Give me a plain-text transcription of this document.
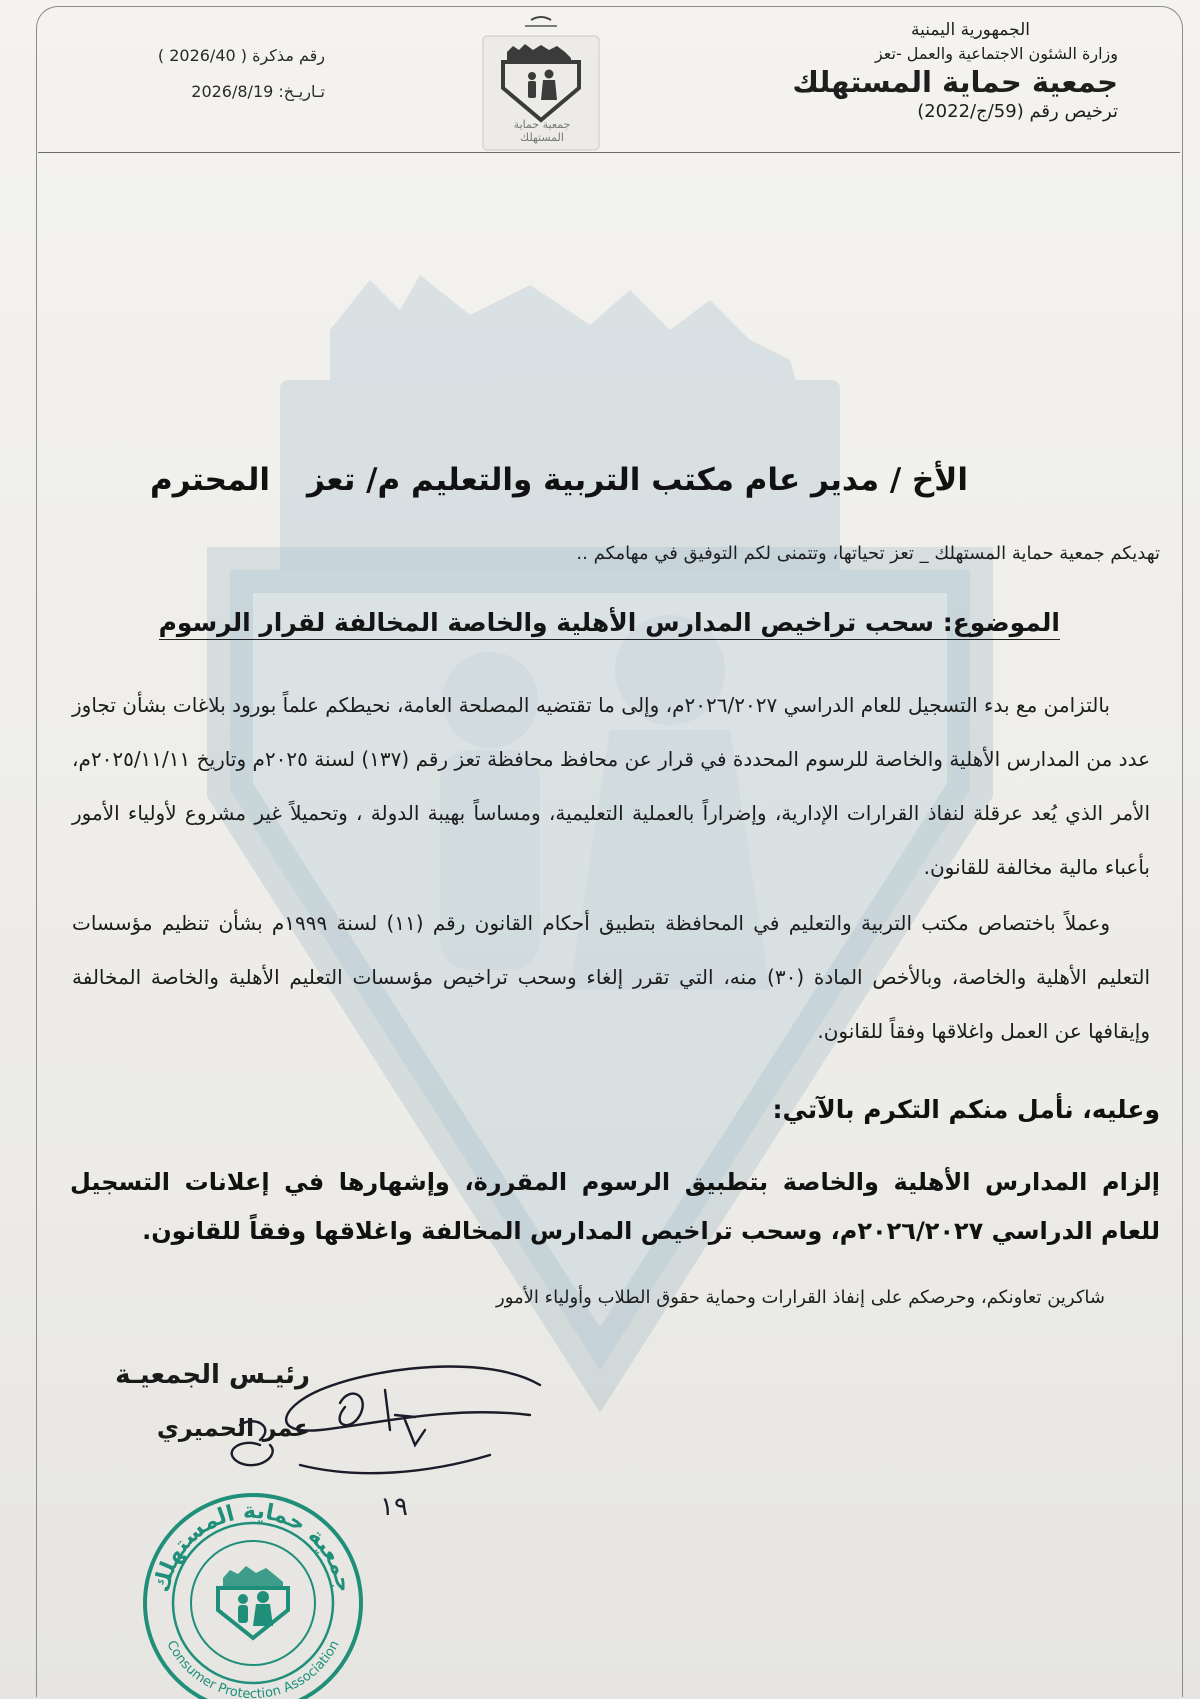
الجمهورية اليمنية
وزارة الشئون الاجتماعية والعمل -تعز
جمعية حماية المستهلك
ترخيص رقم (59/ج/2022)
رقم مذكرة ( 2026/40 )
تـاريـخ: 2026/8/19
جمعية حماية المستهلك
الأخ / مدير عام مكتب التربية والتعليم م/ تعز
المحترم
تهديكم جمعية حماية المستهلك _ تعز تحياتها، وتتمنى لكم التوفيق في مهامكم ..
الموضوع: سحب تراخيص المدارس الأهلية والخاصة المخالفة لقرار الرسوم

بالتزامن مع بدء التسجيل للعام الدراسي ٢٠٢٦/٢٠٢٧م، وإلى ما تقتضيه المصلحة العامة، نحيطكم علماً بورود بلاغات بشأن تجاوز عدد من المدارس الأهلية والخاصة للرسوم المحددة في قرار عن محافظ محافظة تعز رقم (١٣٧) لسنة ٢٠٢٥م وتاريخ ٢٠٢٥/١١/١١م، الأمر الذي يُعد عرقلة لنفاذ القرارات الإدارية، وإضراراً بالعملية التعليمية، ومساساً بهيبة الدولة ، وتحميلاً غير مشروع لأولياء الأمور بأعباء مالية مخالفة للقانون.

وعملاً باختصاص مكتب التربية والتعليم في المحافظة بتطبيق أحكام القانون رقم (١١) لسنة ١٩٩٩م بشأن تنظيم مؤسسات التعليم الأهلية والخاصة، وبالأخص المادة (٣٠) منه، التي تقرر إلغاء وسحب تراخيص مؤسسات التعليم الأهلية والخاصة المخالفة وإيقافها عن العمل واغلاقها وفقاً للقانون.

وعليه، نأمل منكم التكرم بالآتي:
إلزام المدارس الأهلية والخاصة بتطبيق الرسوم المقررة، وإشهارها في إعلانات التسجيل للعام الدراسي ٢٠٢٦/٢٠٢٧م، وسحب تراخيص المدارس المخالفة واغلاقها وفقاً للقانون.
شاكرين تعاونكم، وحرصكم على إنفاذ القرارات وحماية حقوق الطلاب وأولياء الأمور
رئيـس الجمعيـة
عمر الحميري
١٩
جمعية حماية المستهلك
Consumer Protection Association
